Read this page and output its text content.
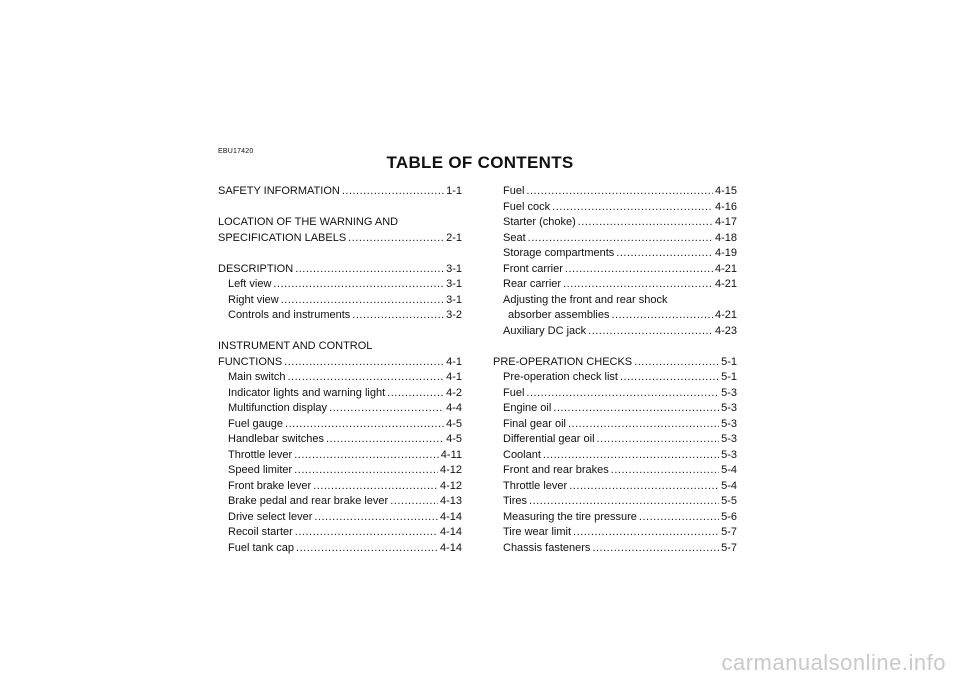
EBU17420
TABLE OF CONTENTS
SAFETY INFORMATION .....	1-1
LOCATION OF THE WARNING AND
SPECIFICATION LABELS .....	2-1
DESCRIPTION .....	3-1
Left view .....	3-1
Right view .....	3-1
Controls and instruments .....	3-2
INSTRUMENT AND CONTROL
FUNCTIONS .....	4-1
Main switch .....	4-1
Indicator lights and warning light .....	4-2
Multifunction display .....	4-4
Fuel gauge .....	4-5
Handlebar switches .....	4-5
Throttle lever .....	4-11
Speed limiter .....	4-12
Front brake lever .....	4-12
Brake pedal and rear brake lever .....	4-13
Drive select lever .....	4-14
Recoil starter .....	4-14
Fuel tank cap .....	4-14
Fuel .....	4-15
Fuel cock .....	4-16
Starter (choke) .....	4-17
Seat .....	4-18
Storage compartments .....	4-19
Front carrier .....	4-21
Rear carrier .....	4-21
Adjusting the front and rear shock
absorber assemblies .....	4-21
Auxiliary DC jack .....	4-23
PRE-OPERATION CHECKS .....	5-1
Pre-operation check list .....	5-1
Fuel .....	5-3
Engine oil .....	5-3
Final gear oil .....	5-3
Differential gear oil .....	5-3
Coolant .....	5-3
Front and rear brakes .....	5-4
Throttle lever .....	5-4
Tires .....	5-5
Measuring the tire pressure .....	5-6
Tire wear limit .....	5-7
Chassis fasteners .....	5-7
carmanualsonline.info
